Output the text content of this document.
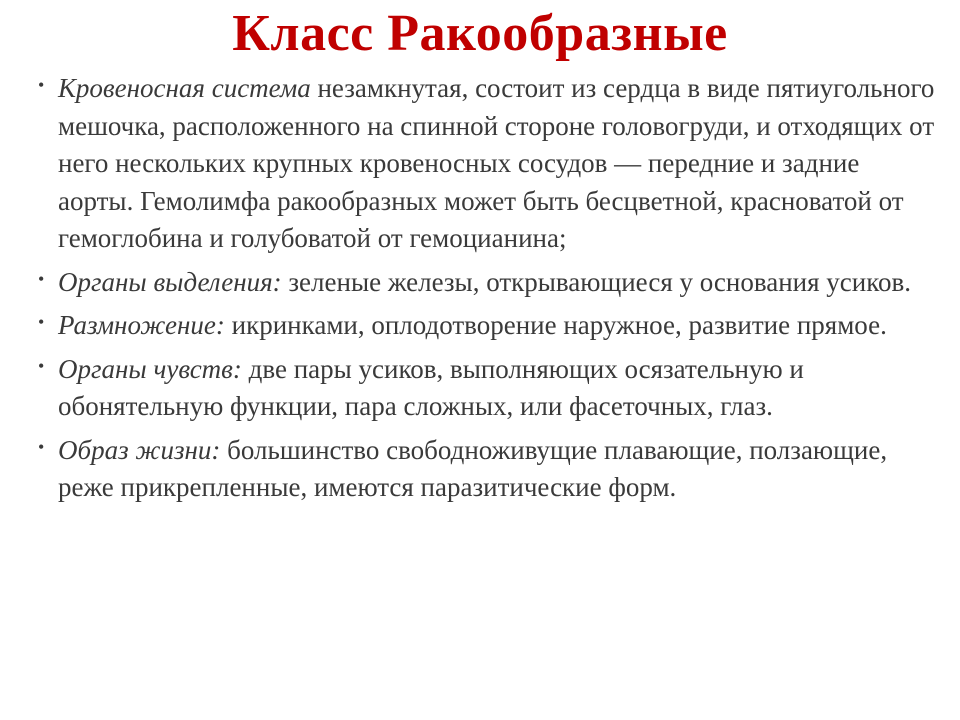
Класс Ракообразные
• Кровеносная система незамкнутая, состоит из сердца в виде пятиугольного мешочка, расположенного на спинной стороне головогруди, и отходящих от него нескольких крупных кровеносных сосудов — передние и задние аорты. Гемолимфа ракообразных может быть бесцветной, красноватой от гемоглобина и голубоватой от гемоцианина;
• Органы выделения: зеленые железы, открывающиеся у основания усиков.
• Размножение: икринками, оплодотворение наружное, развитие прямое.
• Органы чувств: две пары усиков, выполняющих осязательную и обонятельную функции, пара сложных, или фасеточных, глаз.
• Образ жизни: большинство свободноживущие плавающие, ползающие, реже прикрепленные, имеются паразитические форм.
